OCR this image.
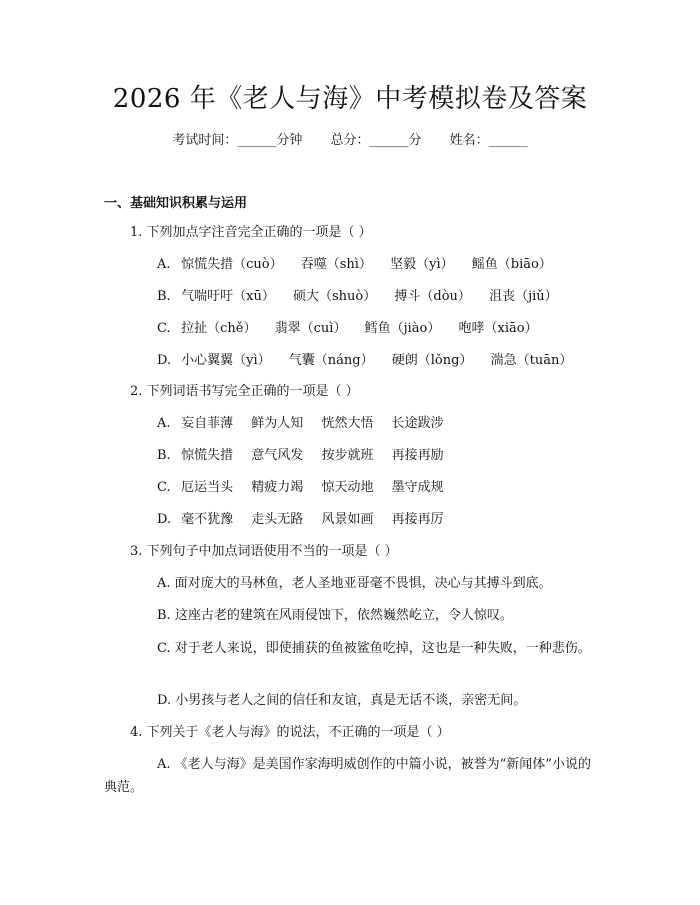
2026 年《老人与海》中考模拟卷及答案
考试时间：______分钟 总分：______分 姓名：______
一、基础知识积累与运用
1. 下列加点字注音完全正确的一项是（ ）
A. 惊慌失措（cuò） 吞噬（shì） 坚毅（yì） 鳐鱼（biāo）
B. 气喘吁吁（xū） 硕大（shuò） 搏斗（dòu） 沮丧（jiǔ）
C. 拉扯（chě） 翡翠（cuì） 鳕鱼（jiào） 咆哮（xiāo）
D. 小心翼翼（yì） 气囊（náng） 硬朗（lǒng） 湍急（tuān）
2. 下列词语书写完全正确的一项是（ ）
A. 妄自菲薄 鲜为人知 恍然大悟 长途跋涉
B. 惊慌失措 意气风发 按步就班 再接再励
C. 厄运当头 精疲力竭 惊天动地 墨守成规
D. 毫不犹豫 走头无路 风景如画 再接再厉
3. 下列句子中加点词语使用不当的一项是（ ）
A. 面对庞大的马林鱼，老人圣地亚哥毫不畏惧，决心与其搏斗到底。
B. 这座古老的建筑在风雨侵蚀下，依然巍然屹立，令人惊叹。
C. 对于老人来说，即使捕获的鱼被鲨鱼吃掉，这也是一种失败，一种悲伤。
D. 小男孩与老人之间的信任和友谊，真是无话不谈，亲密无间。
4. 下列关于《老人与海》的说法，不正确的一项是（ ）
A. 《老人与海》是美国作家海明威创作的中篇小说，被誉为“新闻体”小说的典范。
